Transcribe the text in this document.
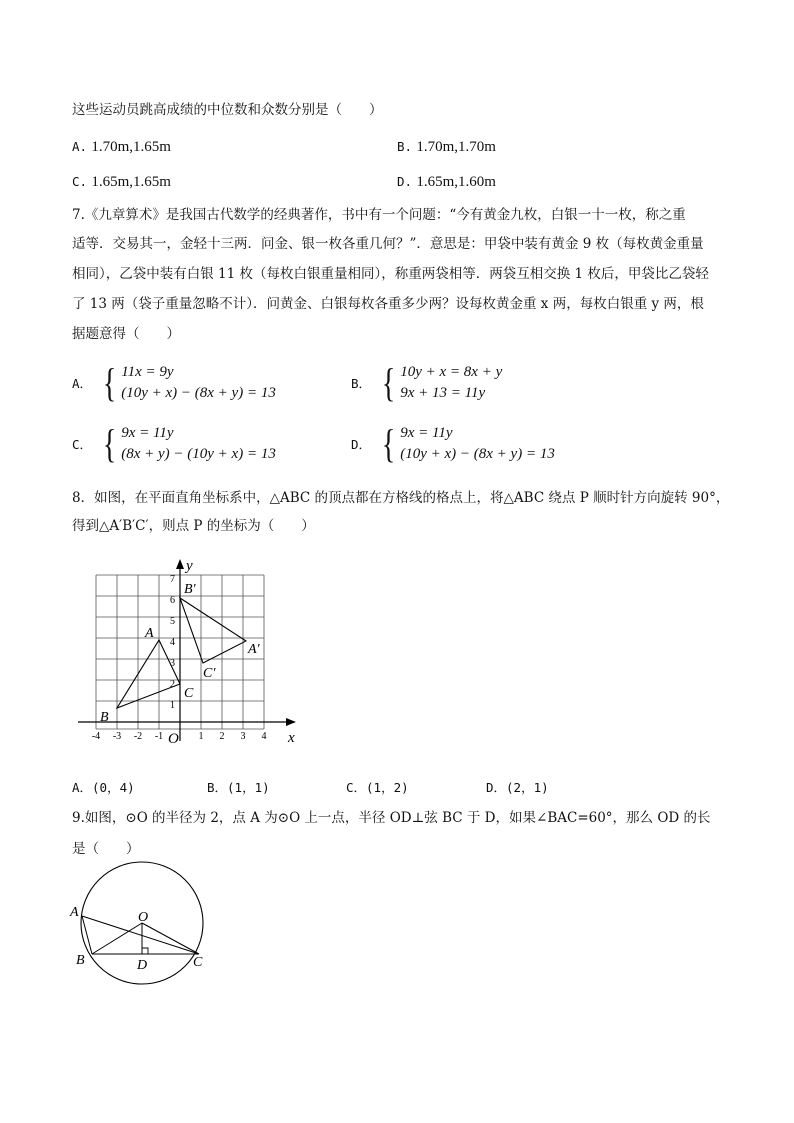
这些运动员跳高成绩的中位数和众数分别是（　　）
A. 1.70m,1.65m	B. 1.70m,1.70m
C. 1.65m,1.65m	D. 1.65m,1.60m
7.《九章算术》是我国古代数学的经典著作，书中有一个问题：“今有黄金九枚，白银一十一枚，称之重
适等．交易其一，金轻十三两．问金、银一枚各重几何？”．意思是：甲袋中装有黄金 9 枚（每枚黄金重量
相同），乙袋中装有白银 11 枚（每枚白银重量相同），称重两袋相等．两袋互相交换 1 枚后，甲袋比乙袋轻
了 13 两（袋子重量忽略不计）．问黄金、白银每枚各重多少两？设每枚黄金重 x 两，每枚白银重 y 两，根
据题意得（　　）
A． { 11x = 9y
(10y + x) − (8x + y) = 13
B． { 10y + x = 8x + y
9x + 13 = 11y
C． { 9x = 11y
(8x + y) − (10y + x) = 13
D． { 9x = 11y
(10y + x) − (8x + y) = 13
8．如图，在平面直角坐标系中，△ABC 的顶点都在方格线的格点上，将△ABC 绕点 P 顺时针方向旋转 90°，
得到△A′B′C′，则点 P 的坐标为（　　）
x
y
O
-4 -3 -2 -1	1 2 3 4
1
2
3
4
5
6
7
A
B
C
A′
B′
C′
A．(0，4)	B．(1，1)	C．(1，2)	D．(2，1)
9.如图，⊙O 的半径为 2，点 A 为⊙O 上一点，半径 OD⊥弦 BC 于 D，如果∠BAC=60°，那么 OD 的长
是（　　）
A
B	C
D
O
